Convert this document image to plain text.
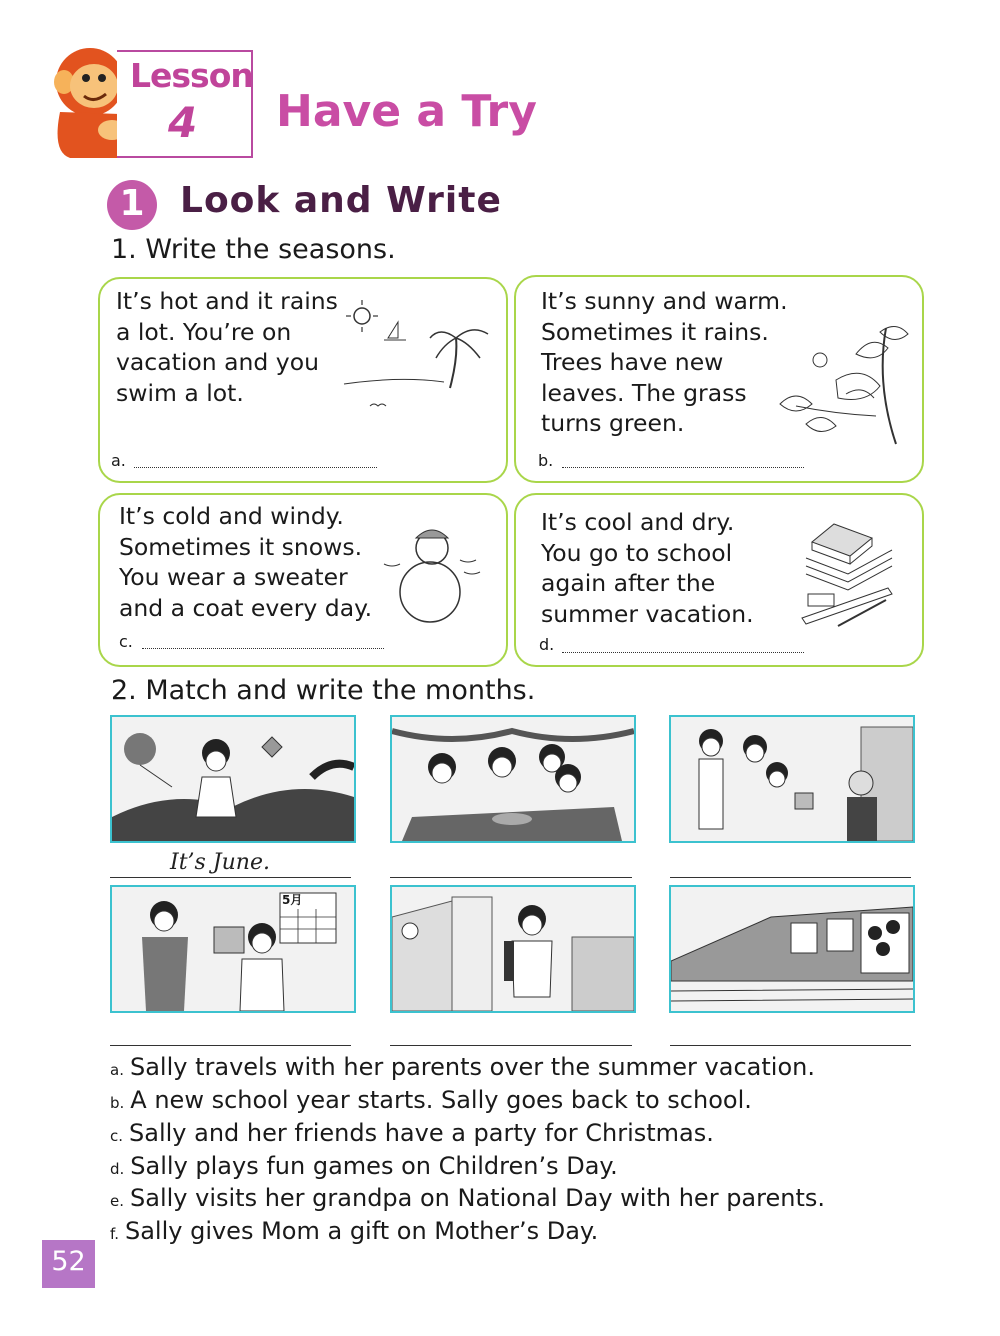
Lesson
4 Have a Try
1 Look and Write
1. Write the seasons.
It’s hot and it rains
a lot. You’re on
vacation and you
swim a lot.
a.
It’s sunny and warm.
Sometimes it rains.
Trees have new
leaves. The grass
turns green.
b.
It’s cold and windy.
Sometimes it snows.
You wear a sweater
and a coat every day.
c.
It’s cool and dry.
You go to school
again after the
summer vacation.
d.
2. Match and write the months.
It’s June.
5月
a. Sally travels with her parents over the summer vacation.
b. A new school year starts. Sally goes back to school.
c. Sally and her friends have a party for Christmas.
d. Sally plays fun games on Children’s Day.
e. Sally visits her grandpa on National Day with her parents.
f. Sally gives Mom a gift on Mother’s Day.
52
